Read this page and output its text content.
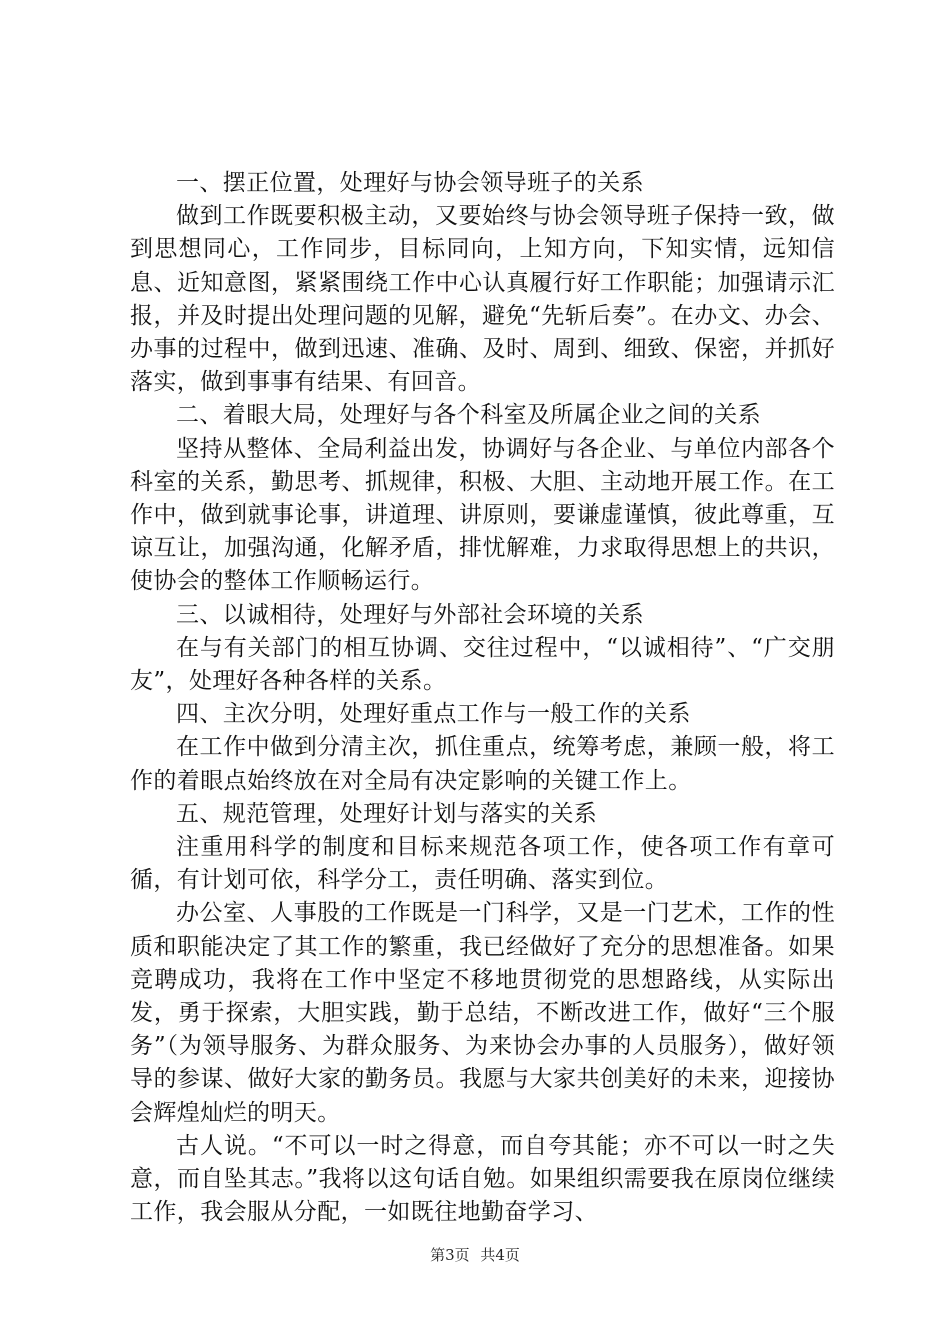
一、摆正位置，处理好与协会领导班子的关系

做到工作既要积极主动，又要始终与协会领导班子保持一致，做到思想同心，工作同步，目标同向，上知方向，下知实情，远知信息、近知意图，紧紧围绕工作中心认真履行好工作职能；加强请示汇报，并及时提出处理问题的见解，避免“先斩后奏”。在办文、办会、办事的过程中，做到迅速、准确、及时、周到、细致、保密，并抓好落实，做到事事有结果、有回音。

二、着眼大局，处理好与各个科室及所属企业之间的关系

坚持从整体、全局利益出发，协调好与各企业、与单位内部各个科室的关系，勤思考、抓规律，积极、大胆、主动地开展工作。在工作中，做到就事论事，讲道理、讲原则，要谦虚谨慎，彼此尊重，互谅互让，加强沟通，化解矛盾，排忧解难，力求取得思想上的共识，使协会的整体工作顺畅运行。

三、以诚相待，处理好与外部社会环境的关系

在与有关部门的相互协调、交往过程中，“以诚相待”、“广交朋友”，处理好各种各样的关系。

四、主次分明，处理好重点工作与一般工作的关系

在工作中做到分清主次，抓住重点，统筹考虑，兼顾一般，将工作的着眼点始终放在对全局有决定影响的关键工作上。

五、规范管理，处理好计划与落实的关系

注重用科学的制度和目标来规范各项工作，使各项工作有章可循，有计划可依，科学分工，责任明确、落实到位。

办公室、人事股的工作既是一门科学，又是一门艺术，工作的性质和职能决定了其工作的繁重，我已经做好了充分的思想准备。如果竞聘成功，我将在工作中坚定不移地贯彻党的思想路线，从实际出发，勇于探索，大胆实践，勤于总结，不断改进工作，做好“三个服务”（为领导服务、为群众服务、为来协会办事的人员服务），做好领导的参谋、做好大家的勤务员。我愿与大家共创美好的未来，迎接协会辉煌灿烂的明天。

古人说。“不可以一时之得意，而自夸其能；亦不可以一时之失意，而自坠其志。”我将以这句话自勉。如果组织需要我在原岗位继续工作，我会服从分配，一如既往地勤奋学习、

第3页 共4页
